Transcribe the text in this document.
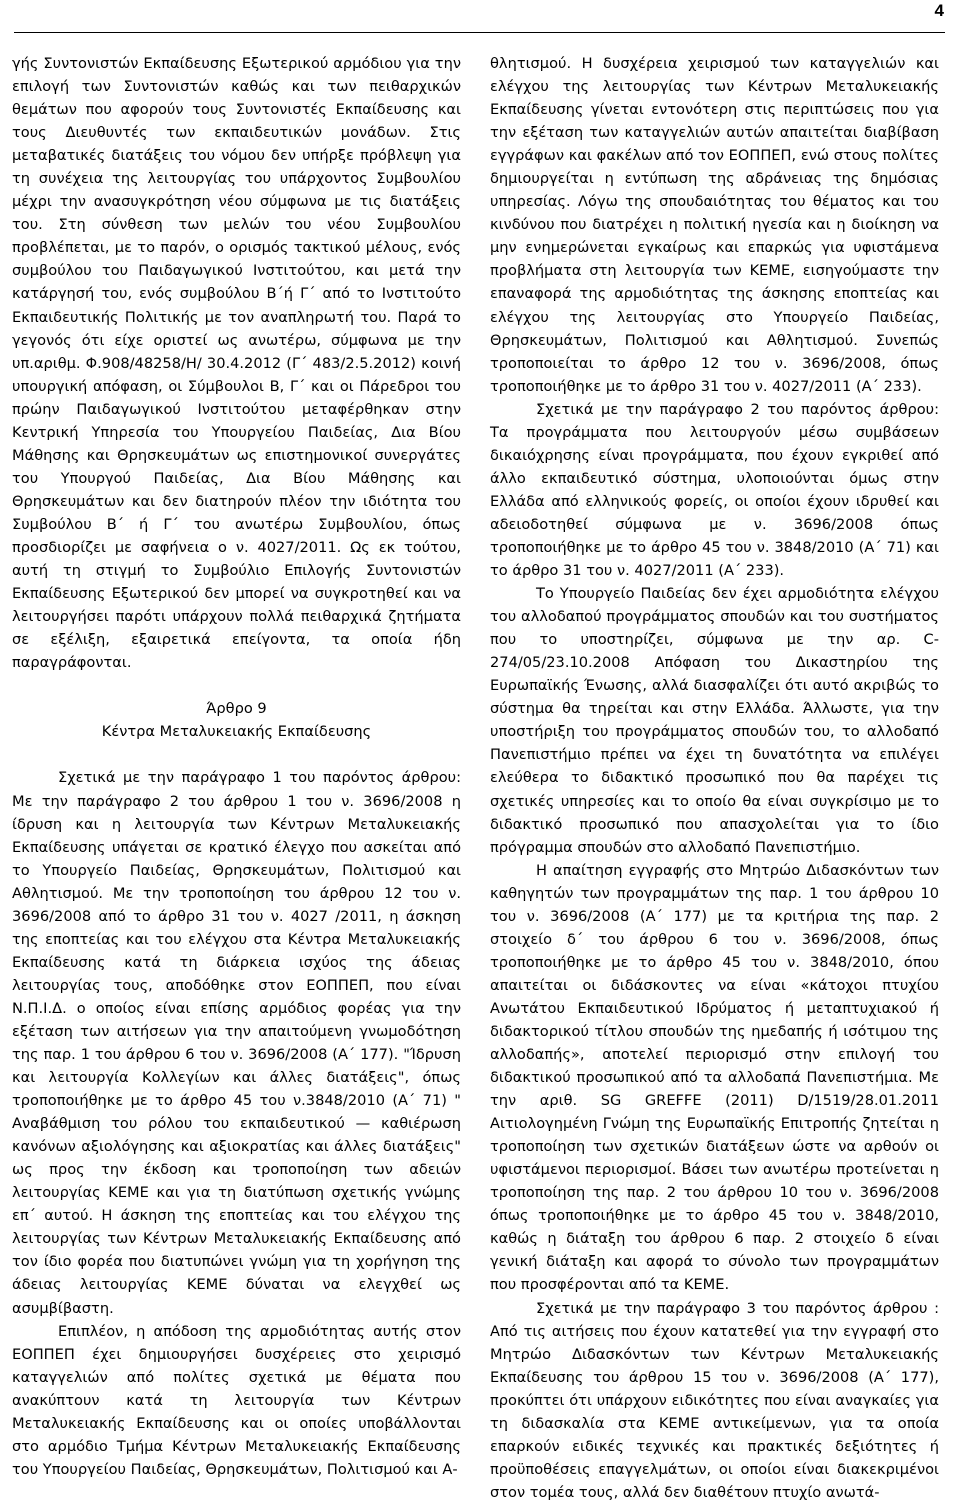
4

γής Συντονιστών Εκπαίδευσης Εξωτερικού αρμόδιου για την επιλογή των Συντονιστών καθώς και των πειθαρχικών θεμάτων που αφορούν τους Συντονιστές Εκπαίδευσης και τους Διευθυντές των εκπαιδευτικών μονάδων. Στις μεταβατικές διατάξεις του νόμου δεν υπήρξε πρόβλεψη για τη συνέχεια της λειτουργίας του υπάρχοντος Συμβουλίου μέχρι την ανασυγκρότηση νέου σύμφωνα με τις διατάξεις του. Στη σύνθεση των μελών του νέου Συμβουλίου προβλέπεται, με το παρόν, ο ορισμός τακτικού μέλους, ενός συμβούλου του Παιδαγωγικού Ινστιτούτου, και μετά την κατάργησή του, ενός συμβούλου Β΄ή Γ΄ από το Ινστιτούτο Εκπαιδευτικής Πολιτικής με τον αναπληρωτή του. Παρά το γεγονός ότι είχε οριστεί ως ανωτέρω, σύμφωνα με την υπ.αριθμ. Φ.908/48258/Η/ 30.4.2012 (Γ΄ 483/2.5.2012) κοινή υπουργική απόφαση, οι Σύμβουλοι Β, Γ΄ και οι Πάρεδροι του πρώην Παιδαγωγικού Ινστιτούτου μεταφέρθηκαν στην Κεντρική Υπηρεσία του Υπουργείου Παιδείας, Δια Βίου Μάθησης και Θρησκευμάτων ως επιστημονικοί συνεργάτες του Υπουργού Παιδείας, Δια Βίου Μάθησης και Θρησκευμάτων και δεν διατηρούν πλέον την ιδιότητα του Συμβούλου Β΄ ή Γ΄ του ανωτέρω Συμβουλίου, όπως προσδιορίζει με σαφήνεια ο ν. 4027/2011. Ως εκ τούτου, αυτή τη στιγμή το Συμβούλιο Επιλογής Συντονιστών Εκπαίδευσης Εξωτερικού δεν μπορεί να συγκροτηθεί και να λειτουργήσει παρότι υπάρχουν πολλά πειθαρχικά ζητήματα σε εξέλιξη, εξαιρετικά επείγοντα, τα οποία ήδη παραγράφονται.

Άρθρο 9

Κέντρα Μεταλυκειακής Εκπαίδευσης

Σχετικά με την παράγραφο 1 του παρόντος άρθρου: Με την παράγραφο 2 του άρθρου 1 του ν. 3696/2008 η ίδρυση και η λειτουργία των Κέντρων Μεταλυκειακής Εκπαίδευσης υπάγεται σε κρατικό έλεγχο που ασκείται από το Υπουργείο Παιδείας, Θρησκευμάτων, Πολιτισμού και Αθλητισμού. Με την τροποποίηση του άρθρου 12 του ν. 3696/2008 από το άρθρο 31 του ν. 4027 /2011, η άσκηση της εποπτείας και του ελέγχου στα Κέντρα Μεταλυκειακής Εκπαίδευσης κατά τη διάρκεια ισχύος της άδειας λειτουργίας τους, αποδόθηκε στον ΕΟΠΠΕΠ, που είναι Ν.Π.Ι.Δ. ο οποίος είναι επίσης αρμόδιος φορέας για την εξέταση των αιτήσεων για την απαιτούμενη γνωμοδότηση της παρ. 1 του άρθρου 6 του ν. 3696/2008 (Α΄ 177). "Ίδρυση και λειτουργία Κολλεγίων και άλλες διατάξεις", όπως τροποποιήθηκε με το άρθρο 45 του ν.3848/2010 (Α΄ 71) " Αναβάθμιση του ρόλου του εκπαιδευτικού — καθιέρωση κανόνων αξιολόγησης και αξιοκρατίας και άλλες διατάξεις" ως προς την έκδοση και τροποποίηση των αδειών λειτουργίας ΚΕΜΕ και για τη διατύπωση σχετικής γνώμης επ΄ αυτού. Η άσκηση της εποπτείας και του ελέγχου της λειτουργίας των Κέντρων Μεταλυκειακής Εκπαίδευσης από τον ίδιο φορέα που διατυπώνει γνώμη για τη χορήγηση της άδειας λειτουργίας ΚΕΜΕ δύναται να ελεγχθεί ως ασυμβίβαστη.

Επιπλέον, η απόδοση της αρμοδιότητας αυτής στον ΕΟΠΠΕΠ έχει δημιουργήσει δυσχέρειες στο χειρισμό καταγγελιών από πολίτες σχετικά με θέματα που ανακύπτουν κατά τη λειτουργία των Κέντρων Μεταλυκειακής Εκπαίδευσης και οι οποίες υποβάλλονται στο αρμόδιο Τμήμα Κέντρων Μεταλυκειακής Εκπαίδευσης του Υπουργείου Παιδείας, Θρησκευμάτων, Πολιτισμού και Α-

θλητισμού. Η δυσχέρεια χειρισμού των καταγγελιών και ελέγχου της λειτουργίας των Κέντρων Μεταλυκειακής Εκπαίδευσης γίνεται εντονότερη στις περιπτώσεις που για την εξέταση των καταγγελιών αυτών απαιτείται διαβίβαση εγγράφων και φακέλων από τον ΕΟΠΠΕΠ, ενώ στους πολίτες δημιουργείται η εντύπωση της αδράνειας της δημόσιας υπηρεσίας. Λόγω της σπουδαιότητας του θέματος και του κινδύνου που διατρέχει η πολιτική ηγεσία και η διοίκηση να μην ενημερώνεται εγκαίρως και επαρκώς για υφιστάμενα προβλήματα στη λειτουργία των ΚΕΜΕ, εισηγούμαστε την επαναφορά της αρμοδιότητας της άσκησης εποπτείας και ελέγχου της λειτουργίας στο Υπουργείο Παιδείας, Θρησκευμάτων, Πολιτισμού και Αθλητισμού. Συνεπώς τροποποιείται το άρθρο 12 του ν. 3696/2008, όπως τροποποιήθηκε με το άρθρο 31 του ν. 4027/2011 (Α΄ 233).

Σχετικά με την παράγραφο 2 του παρόντος άρθρου: Τα προγράμματα που λειτουργούν μέσω συμβάσεων δικαιόχρησης είναι προγράμματα, που έχουν εγκριθεί από άλλο εκπαιδευτικό σύστημα, υλοποιούνται όμως στην Ελλάδα από ελληνικούς φορείς, οι οποίοι έχουν ιδρυθεί και αδειοδοτηθεί σύμφωνα με ν. 3696/2008 όπως τροποποιήθηκε με το άρθρο 45 του ν. 3848/2010 (Α΄ 71) και το άρθρο 31 του ν. 4027/2011 (Α΄ 233).

Το Υπουργείο Παιδείας δεν έχει αρμοδιότητα ελέγχου του αλλοδαπού προγράμματος σπουδών και του συστήματος που το υποστηρίζει, σύμφωνα με την αρ. C-274/05/23.10.2008 Απόφαση του Δικαστηρίου της Ευρωπαϊκής Ένωσης, αλλά διασφαλίζει ότι αυτό ακριβώς το σύστημα θα τηρείται και στην Ελλάδα. Άλλωστε, για την υποστήριξη του προγράμματος σπουδών του, το αλλοδαπό Πανεπιστήμιο πρέπει να έχει τη δυνατότητα να επιλέγει ελεύθερα το διδακτικό προσωπικό που θα παρέχει τις σχετικές υπηρεσίες και το οποίο θα είναι συγκρίσιμο με το διδακτικό προσωπικό που απασχολείται για το ίδιο πρόγραμμα σπουδών στο αλλοδαπό Πανεπιστήμιο.

Η απαίτηση εγγραφής στο Μητρώο Διδασκόντων των καθηγητών των προγραμμάτων της παρ. 1 του άρθρου 10 του ν. 3696/2008 (Α΄ 177) με τα κριτήρια της παρ. 2 στοιχείο δ΄ του άρθρου 6 του ν. 3696/2008, όπως τροποποιήθηκε με το άρθρο 45 του ν. 3848/2010, όπου απαιτείται οι διδάσκοντες να είναι «κάτοχοι πτυχίου Ανωτάτου Εκπαιδευτικού Ιδρύματος ή μεταπτυχιακού ή διδακτορικού τίτλου σπουδών της ημεδαπής ή ισότιμου της αλλοδαπής», αποτελεί περιορισμό στην επιλογή του διδακτικού προσωπικού από τα αλλοδαπά Πανεπιστήμια. Με την αριθ. SG GREFFE (2011) D/1519/28.01.2011 Αιτιολογημένη Γνώμη της Ευρωπαϊκής Επιτροπής ζητείται η τροποποίηση των σχετικών διατάξεων ώστε να αρθούν οι υφιστάμενοι περιορισμοί. Βάσει των ανωτέρω προτείνεται η τροποποίηση της παρ. 2 του άρθρου 10 του ν. 3696/2008 όπως τροποποιήθηκε με το άρθρο 45 του ν. 3848/2010, καθώς η διάταξη του άρθρου 6 παρ. 2 στοιχείο δ είναι γενική διάταξη και αφορά το σύνολο των προγραμμάτων που προσφέρονται από τα ΚΕΜΕ.

Σχετικά με την παράγραφο 3 του παρόντος άρθρου : Από τις αιτήσεις που έχουν κατατεθεί για την εγγραφή στο Μητρώο Διδασκόντων των Κέντρων Μεταλυκειακής Εκπαίδευσης του άρθρου 15 του ν. 3696/2008 (Α΄ 177), προκύπτει ότι υπάρχουν ειδικότητες που είναι αναγκαίες για τη διδασκαλία στα ΚΕΜΕ αντικείμενων, για τα οποία επαρκούν ειδικές τεχνικές και πρακτικές δεξιότητες ή προϋποθέσεις επαγγελμάτων, οι οποίοι είναι διακεκριμένοι στον τομέα τους, αλλά δεν διαθέτουν πτυχίο ανωτά-
